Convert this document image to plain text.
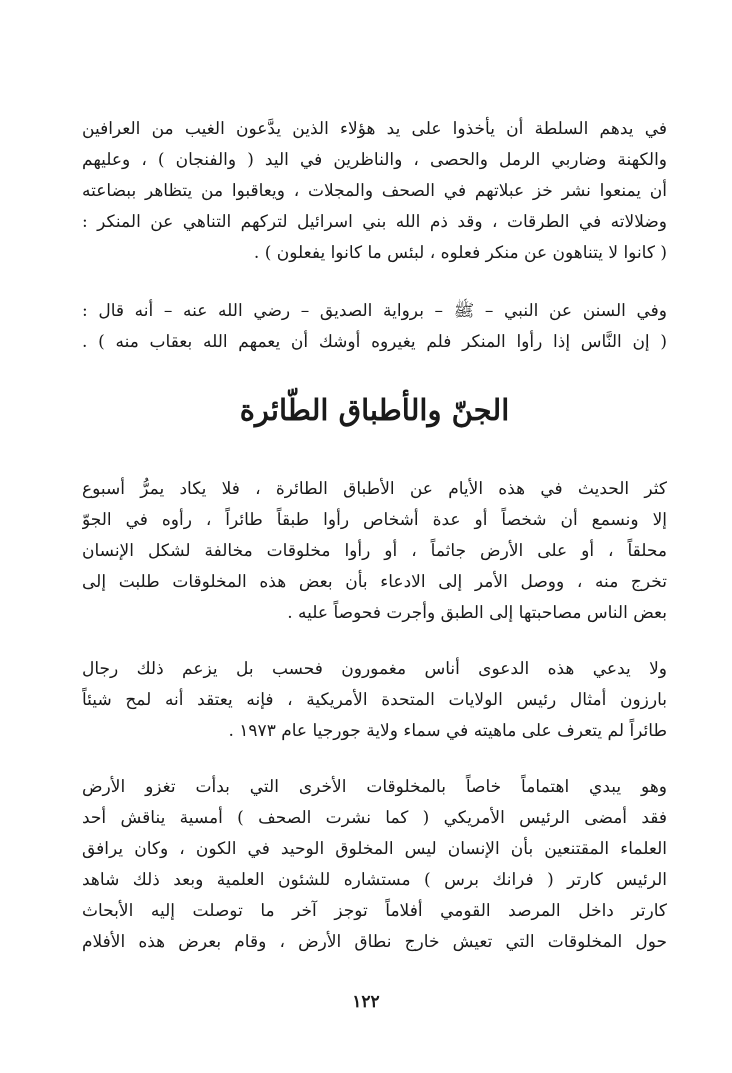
في يدهم السلطة أن يأخذوا على يد هؤلاء الذين يدَّعون الغيب من العرافين
والكهنة وضاربي الرمل والحصى ، والناظرين في اليد ( والفنجان ) ، وعليهم
أن يمنعوا نشر خز عبلاتهم في الصحف والمجلات ، ويعاقبوا من يتظاهر ببضاعته
وضلالاته في الطرقات ، وقد ذم الله بني اسرائيل لتركهم التناهي عن المنكر :
( كانوا لا يتناهون عن منكر فعلوه ، لبئس ما كانوا يفعلون ) .
وفي السنن عن النبي – ﷺ – برواية الصديق – رضي الله عنه – أنه قال :
( إن النَّاس إذا رأوا المنكر فلم يغيروه أوشك أن يعمهم الله بعقاب منه ) .
الجنّ والأطباق الطّائرة
كثر الحديث في هذه الأيام عن الأطباق الطائرة ، فلا يكاد يمرُّ أسبوع
إلا ونسمع أن شخصاً أو عدة أشخاص رأوا طبقاً طائراً ، رأوه في الجوّ
محلقاً ، أو على الأرض جاثماً ، أو رأوا مخلوقات مخالفة لشكل الإنسان
تخرج منه ، ووصل الأمر إلى الادعاء بأن بعض هذه المخلوقات طلبت إلى
بعض الناس مصاحبتها إلى الطبق وأجرت فحوصاً عليه .
ولا يدعي هذه الدعوى أناس مغمورون فحسب بل يزعم ذلك رجال
بارزون أمثال رئيس الولايات المتحدة الأمريكية ، فإنه يعتقد أنه لمح شيئاً
طائراً لم يتعرف على ماهيته في سماء ولاية جورجيا عام ١٩٧٣ .
وهو يبدي اهتماماً خاصاً بالمخلوقات الأخرى التي بدأت تغزو الأرض
فقد أمضى الرئيس الأمريكي ( كما نشرت الصحف ) أمسية يناقش أحد
العلماء المقتنعين بأن الإنسان ليس المخلوق الوحيد في الكون ، وكان يرافق
الرئيس كارتر ( فرانك برس ) مستشاره للشئون العلمية وبعد ذلك شاهد
كارتر داخل المرصد القومي أفلاماً توجز آخر ما توصلت إليه الأبحاث
حول المخلوقات التي تعيش خارج نطاق الأرض ، وقام بعرض هذه الأفلام
١٢٢
